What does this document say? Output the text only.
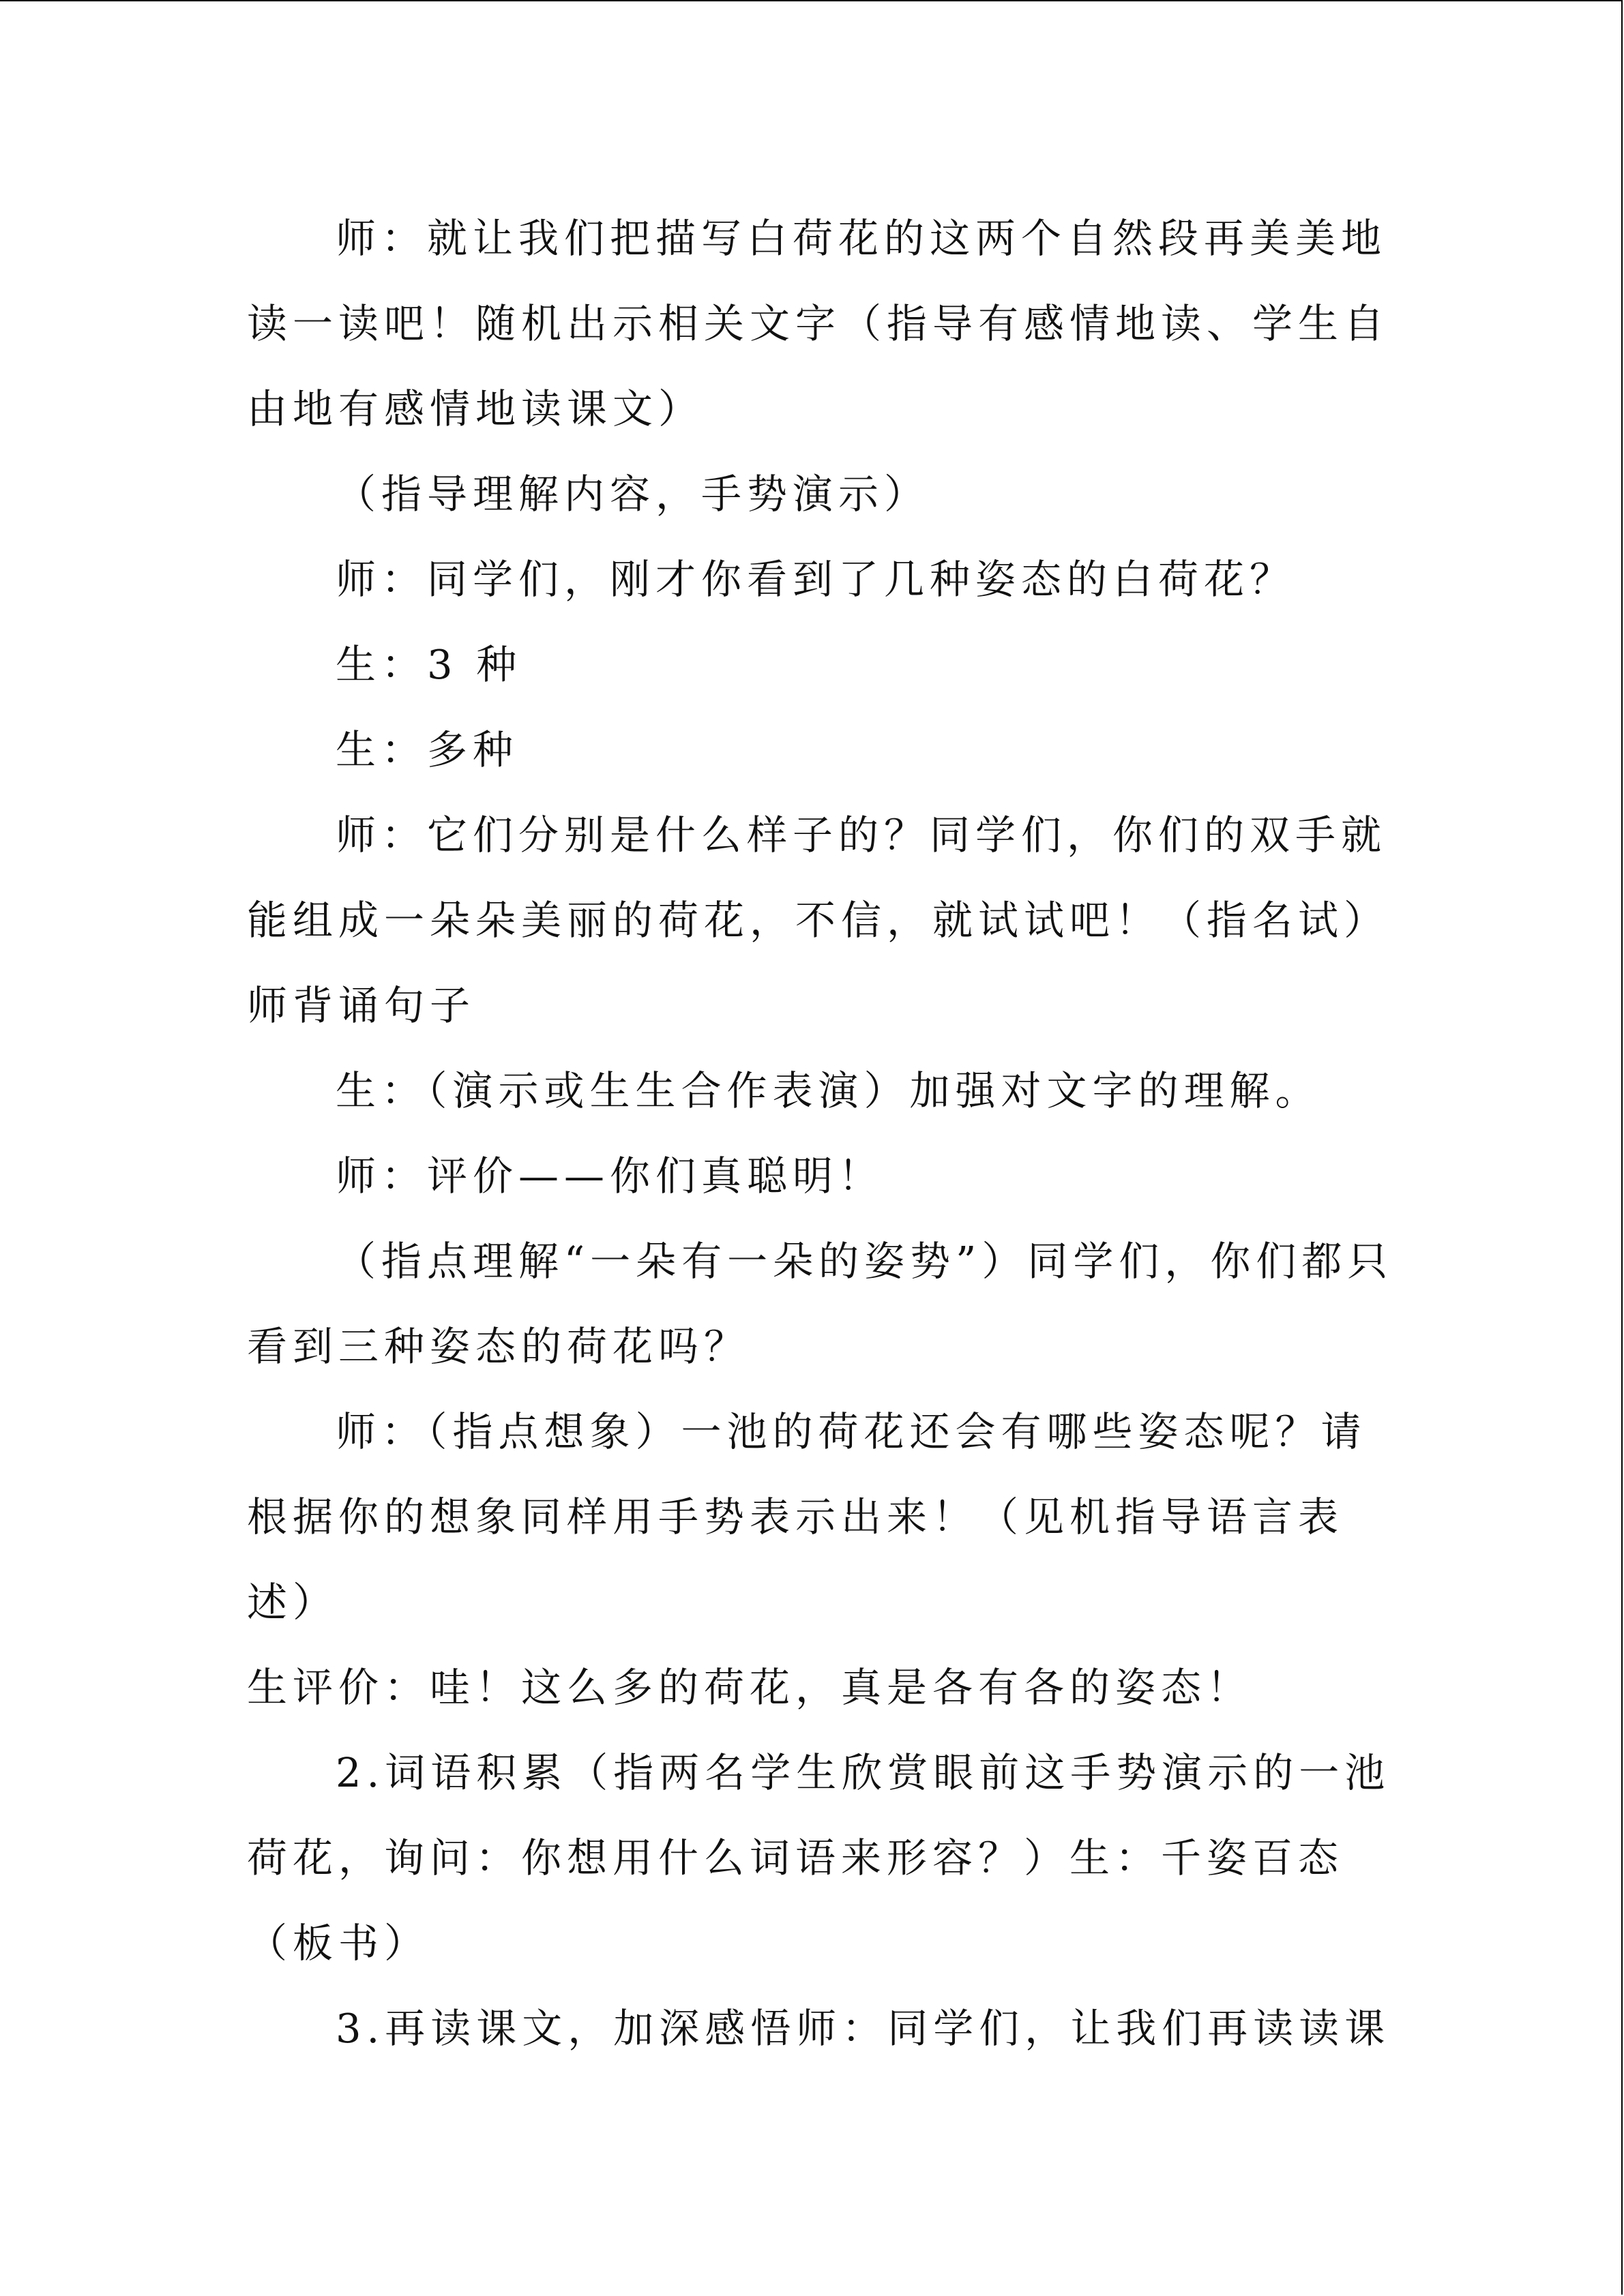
师：就让我们把描写白荷花的这两个自然段再美美地
读一读吧！随机出示相关文字（指导有感情地读、学生自
由地有感情地读课文）
（指导理解内容，手势演示）
师：同学们，刚才你看到了几种姿态的白荷花？
生：3 种
生：多种
师：它们分别是什么样子的？同学们，你们的双手就
能组成一朵朵美丽的荷花，不信，就试试吧！（指名试）
师背诵句子
生：（演示或生生合作表演）加强对文字的理解。
师：评价——你们真聪明！
（指点理解“一朵有一朵的姿势”）同学们，你们都只
看到三种姿态的荷花吗？
师：（指点想象）一池的荷花还会有哪些姿态呢？请
根据你的想象同样用手势表示出来！（见机指导语言表
述）
生评价：哇！这么多的荷花，真是各有各的姿态！
2.词语积累（指两名学生欣赏眼前这手势演示的一池
荷花，询问：你想用什么词语来形容？）生：千姿百态
（板书）
3.再读课文，加深感悟师：同学们，让我们再读读课
